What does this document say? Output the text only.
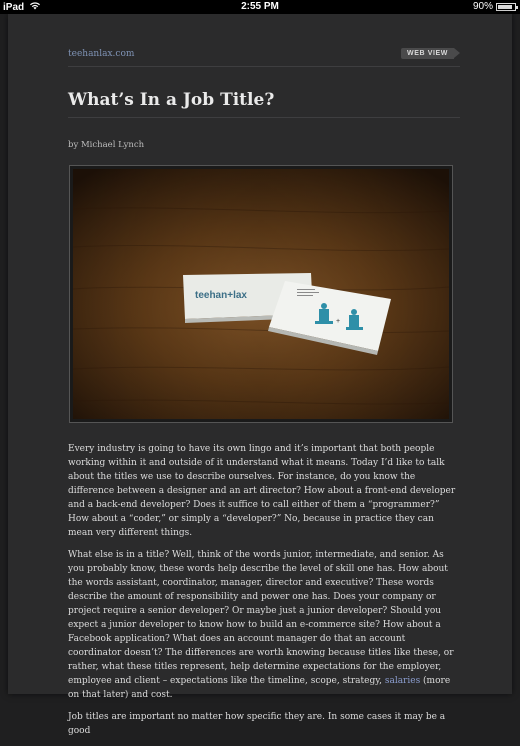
iPad	2:55 PM	90%
teehanlax.com	WEB VIEW
What’s In a Job Title?
by Michael Lynch
teehan+lax
+

Every industry is going to have its own lingo and it’s important that both people working within it and outside of it understand what it means. Today I’d like to talk about the titles we use to describe ourselves. For instance, do you know the difference between a designer and an art director? How about a front-end developer and a back-end developer? Does it suffice to call either of them a “programmer?” How about a “coder,” or simply a “developer?” No, because in practice they can mean very different things.

What else is in a title? Well, think of the words junior, intermediate, and senior. As you probably know, these words help describe the level of skill one has. How about the words assistant, coordinator, manager, director and executive? These words describe the amount of responsibility and power one has. Does your company or project require a senior developer? Or maybe just a junior developer? Should you expect a junior developer to know how to build an e-commerce site? How about a Facebook application? What does an account manager do that an account coordinator doesn’t? The differences are worth knowing because titles like these, or rather, what these titles represent, help determine expectations for the employer, employee and client – expectations like the timeline, scope, strategy, salaries (more on that later) and cost.

Job titles are important no matter how specific they are. In some cases it may be a good
